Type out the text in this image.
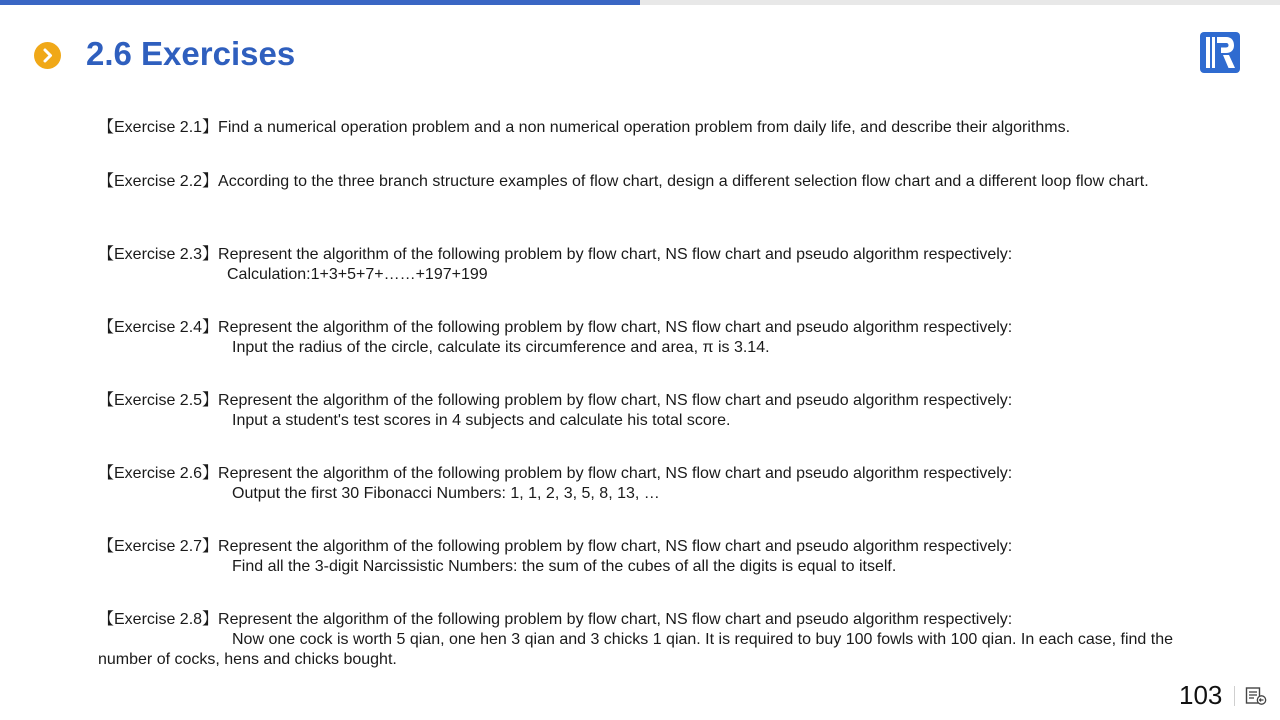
2.6 Exercises
【Exercise 2.1】Find a numerical operation problem and a non numerical operation problem from daily life, and describe their algorithms.
【Exercise 2.2】According to the three branch structure examples of flow chart, design a different selection flow chart and a different loop flow chart.
【Exercise 2.3】Represent the algorithm of the following problem by flow chart, NS flow chart and pseudo algorithm respectively:
Calculation:1+3+5+7+……+197+199
【Exercise 2.4】Represent the algorithm of the following problem by flow chart, NS flow chart and pseudo algorithm respectively:
Input the radius of the circle, calculate its circumference and area, π is 3.14.
【Exercise 2.5】Represent the algorithm of the following problem by flow chart, NS flow chart and pseudo algorithm respectively:
Input a student's test scores in 4 subjects and calculate his total score.
【Exercise 2.6】Represent the algorithm of the following problem by flow chart, NS flow chart and pseudo algorithm respectively:
Output the first 30 Fibonacci Numbers: 1, 1, 2, 3, 5, 8, 13, …
【Exercise 2.7】Represent the algorithm of the following problem by flow chart, NS flow chart and pseudo algorithm respectively:
Find all the 3-digit Narcissistic Numbers: the sum of the cubes of all the digits is equal to itself.
【Exercise 2.8】Represent the algorithm of the following problem by flow chart, NS flow chart and pseudo algorithm respectively:
Now one cock is worth 5 qian, one hen 3 qian and 3 chicks 1 qian. It is required to buy 100 fowls with 100 qian. In each case, find the number of cocks, hens and chicks bought.
103
